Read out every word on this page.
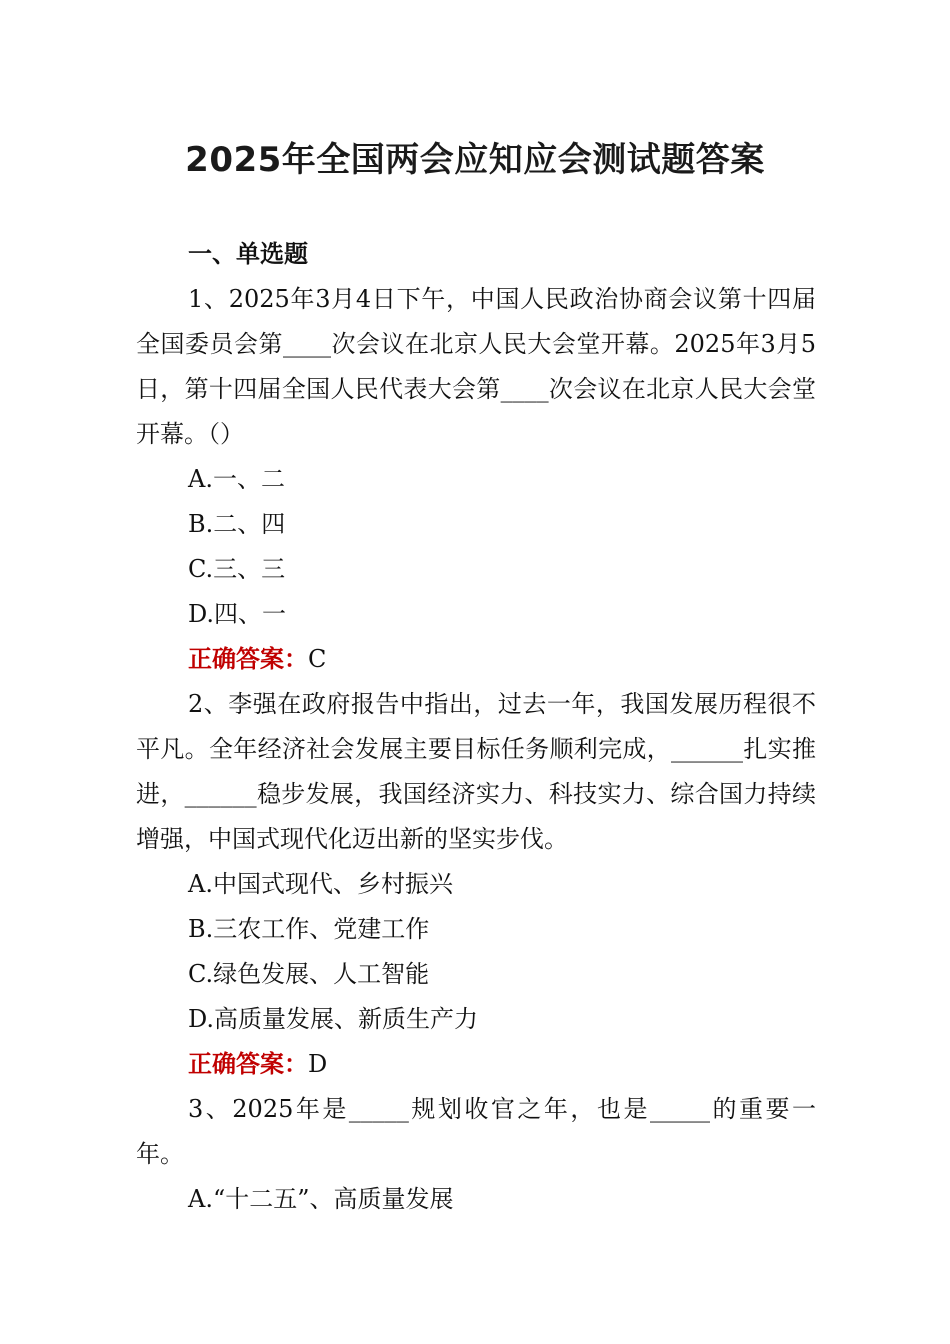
2025年全国两会应知应会测试题答案

一、单选题

1、2025年3月4日下午，中国人民政治协商会议第十四届全国委员会第____次会议在北京人民大会堂开幕。2025年3月5日，第十四届全国人民代表大会第____次会议在北京人民大会堂开幕。（）

A.一、二

B.二、四

C.三、三

D.四、一

正确答案：C

2、李强在政府报告中指出，过去一年，我国发展历程很不平凡。全年经济社会发展主要目标任务顺利完成，______扎实推进，______稳步发展，我国经济实力、科技实力、综合国力持续增强，中国式现代化迈出新的坚实步伐。

A.中国式现代、乡村振兴

B.三农工作、党建工作

C.绿色发展、人工智能

D.高质量发展、新质生产力

正确答案：D

3、2025年是_____规划收官之年，也是_____的重要一年。

A.“十二五”、高质量发展
